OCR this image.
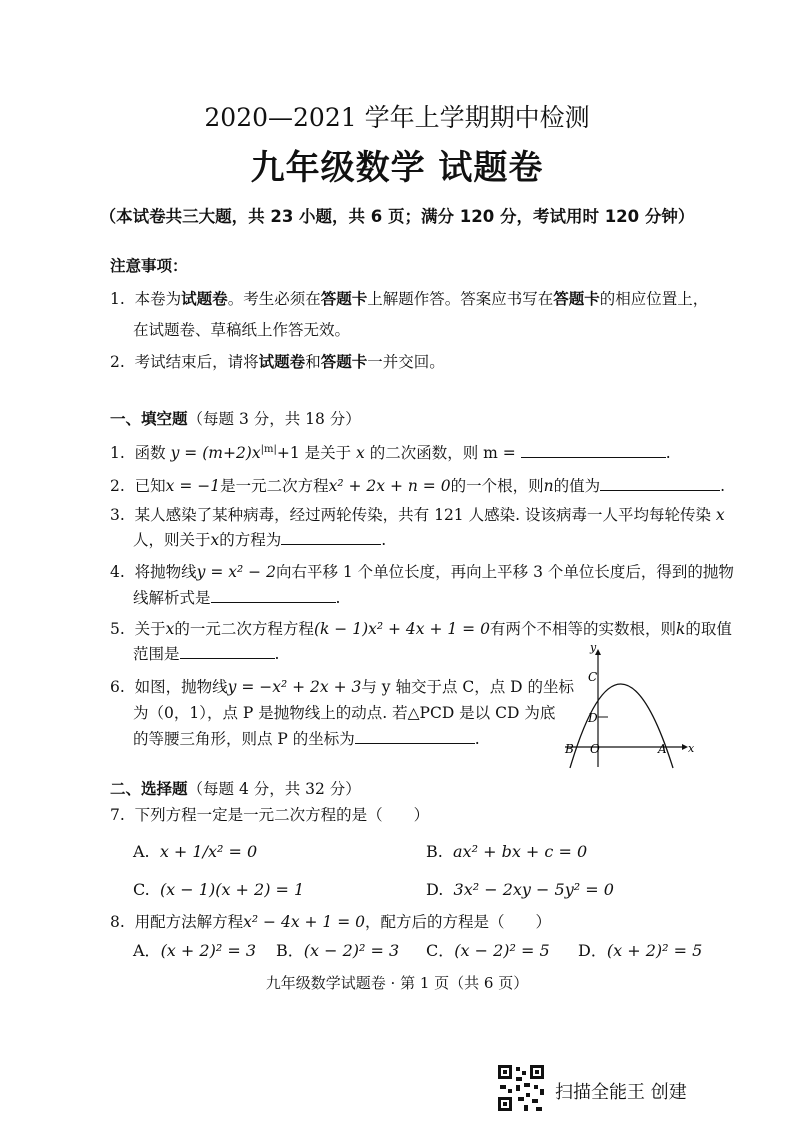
2020—2021 学年上学期期中检测
九年级数学 试题卷
（本试卷共三大题，共 23 小题，共 6 页；满分 120 分，考试用时 120 分钟）
注意事项：
1. 本卷为试题卷。考生必须在答题卡上解题作答。答案应书写在答题卡的相应位置上，
在试题卷、草稿纸上作答无效。
2. 考试结束后，请将试题卷和答题卡一并交回。
一、填空题（每题 3 分，共 18 分）
1. 函数 $y = (m+2)x^{|m|}+1$ 是关于 x 的二次函数，则 m =	.
2. 已知x = −1是一元二次方程x² + 2x + n = 0的一个根，则n的值为	.
3. 某人感染了某种病毒，经过两轮传染，共有 121 人感染. 设该病毒一人平均每轮传染 x
人，则关于x的方程为	.
4. 将抛物线y = x² − 2向右平移 1 个单位长度，再向上平移 3 个单位长度后，得到的抛物
线解析式是	.
5. 关于x的一元二次方程方程(k − 1)x² + 4x + 1 = 0有两个不相等的实数根，则k的取值
范围是	.
6. 如图，抛物线y = −x² + 2x + 3与 y 轴交于点 C，点 D 的坐标
为（0，1），点 P 是抛物线上的动点. 若△PCD 是以 CD 为底
的等腰三角形，则点 P 的坐标为	.
y
x
C
D
B O	A
二、选择题（每题 4 分，共 32 分）
7. 下列方程一定是一元二次方程的是（　　）
A. x + 1/x² = 0	B. ax² + bx + c = 0
C. (x − 1)(x + 2) = 1	D. 3x² − 2xy − 5y² = 0
8. 用配方法解方程x² − 4x + 1 = 0，配方后的方程是（　　）
A．(x + 2)² = 3 B．(x − 2)² = 3 C．(x − 2)² = 5 D．(x + 2)² = 5
九年级数学试题卷 · 第 1 页（共 6 页）
扫描全能王 创建
